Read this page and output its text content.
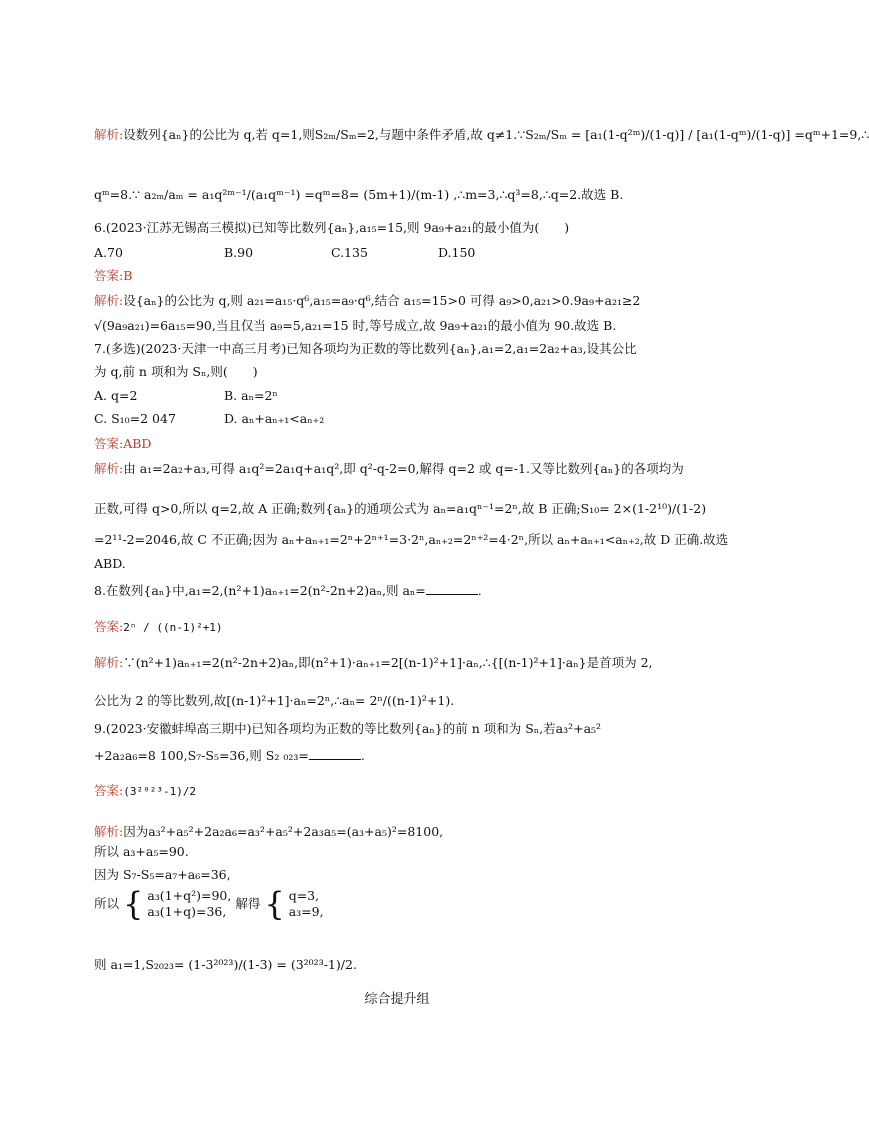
解析:设数列{aₙ}的公比为 q,若 q=1,则S₂ₘ/Sₘ=2,与题中条件矛盾,故 q≠1.∵S₂ₘ/Sₘ = [a₁(1-q²ᵐ)/(1-q)] / [a₁(1-qᵐ)/(1-q)] =qᵐ+1=9,∴
qᵐ=8.∵ a₂ₘ/aₘ = a₁q²ᵐ⁻¹/(a₁qᵐ⁻¹) =qᵐ=8= (5m+1)/(m-1) ,∴m=3,∴q³=8,∴q=2.故选 B.
6.(2023·江苏无锡高三模拟)已知等比数列{aₙ},a₁₅=15,则 9a₉+a₂₁的最小值为(　　)
A.70	B.90	C.135	D.150
答案:B
解析:设{aₙ}的公比为 q,则 a₂₁=a₁₅·q⁶,a₁₅=a₉·q⁶,结合 a₁₅=15>0 可得 a₉>0,a₂₁>0.9a₉+a₂₁≥2
√(9a₉a₂₁)=6a₁₅=90,当且仅当 a₉=5,a₂₁=15 时,等号成立,故 9a₉+a₂₁的最小值为 90.故选 B.
7.(多选)(2023·天津一中高三月考)已知各项均为正数的等比数列{aₙ},a₁=2,a₁=2a₂+a₃,设其公比
为 q,前 n 项和为 Sₙ,则(　　)
A. q=2	B. aₙ=2ⁿ
C. S₁₀=2 047	D. aₙ+aₙ₊₁<aₙ₊₂
答案:ABD
解析:由 a₁=2a₂+a₃,可得 a₁q²=2a₁q+a₁q²,即 q²-q-2=0,解得 q=2 或 q=-1.又等比数列{aₙ}的各项均为
正数,可得 q>0,所以 q=2,故 A 正确;数列{aₙ}的通项公式为 aₙ=a₁qⁿ⁻¹=2ⁿ,故 B 正确;S₁₀= 2×(1-2¹⁰)/(1-2)
=2¹¹-2=2046,故 C 不正确;因为 aₙ+aₙ₊₁=2ⁿ+2ⁿ⁺¹=3·2ⁿ,aₙ₊₂=2ⁿ⁺²=4·2ⁿ,所以 aₙ+aₙ₊₁<aₙ₊₂,故 D 正确.故选
ABD.
8.在数列{aₙ}中,a₁=2,(n²+1)aₙ₊₁=2(n²-2n+2)aₙ,则 aₙ=	.
答案:2ⁿ / ((n-1)²+1)
解析:∵(n²+1)aₙ₊₁=2(n²-2n+2)aₙ,即(n²+1)·aₙ₊₁=2[(n-1)²+1]·aₙ,∴{[(n-1)²+1]·aₙ}是首项为 2,
公比为 2 的等比数列,故[(n-1)²+1]·aₙ=2ⁿ,∴aₙ= 2ⁿ/((n-1)²+1).
9.(2023·安徽蚌埠高三期中)已知各项均为正数的等比数列{aₙ}的前 n 项和为 Sₙ,若a₃²+a₅²
+2a₂a₆=8 100,S₇-S₅=36,则 S₂ ₀₂₃=	.
答案:(3²⁰²³-1)/2
解析:因为a₃²+a₅²+2a₂a₆=a₃²+a₅²+2a₃a₅=(a₃+a₅)²=8100,
所以 a₃+a₅=90.
因为 S₇-S₅=a₇+a₆=36,
所以 { a₃(1+q²)=90,
a₃(1+q)=36,
解得 { q=3,
a₃=9,
则 a₁=1,S₂₀₂₃= (1-3²⁰²³)/(1-3) = (3²⁰²³-1)/2.
综合提升组
